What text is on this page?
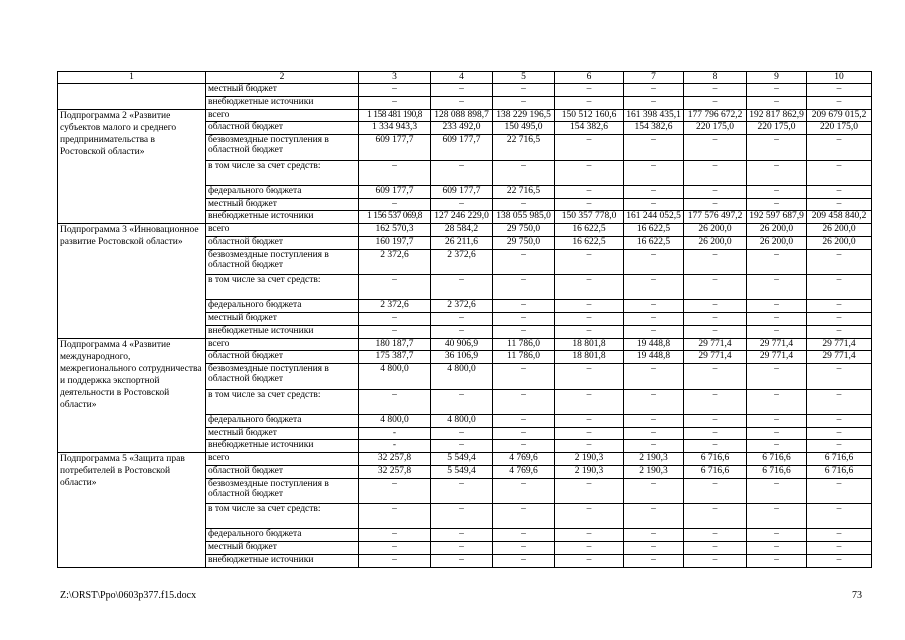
1	2	3	4	5	6	7	8	9	10
	местный бюджет	–	–	–	–	–	–	–	–
	внебюджетные источники	–	–	–	–	–	–	–	–
Подпрограмма 2 «Развитие субъектов малого и среднего предпринимательства в Ростовской области»	всего	1 158 481 190,8	128 088 898,7	138 229 196,5	150 512 160,6	161 398 435,1	177 796 672,2	192 817 862,9	209 679 015,2
	областной бюджет	1 334 943,3	233 492,0	150 495,0	154 382,6	154 382,6	220 175,0	220 175,0	220 175,0
	безвозмездные поступления в областной бюджет	609 177,7	609 177,7	22 716,5	–	–	–	–	–
	в том числе за счет средств:	–	–	–	–	–	–	–	–
	федерального бюджета	609 177,7	609 177,7	22 716,5	–	–	–	–	–
	местный бюджет	–	–	–	–	–	–	–	–
	внебюджетные источники	1 156 537 069,8	127 246 229,0	138 055 985,0	150 357 778,0	161 244 052,5	177 576 497,2	192 597 687,9	209 458 840,2
Подпрограмма 3 «Инновационное развитие Ростовской области»	всего	162 570,3	28 584,2	29 750,0	16 622,5	16 622,5	26 200,0	26 200,0	26 200,0
	областной бюджет	160 197,7	26 211,6	29 750,0	16 622,5	16 622,5	26 200,0	26 200,0	26 200,0
	безвозмездные поступления в областной бюджет	2 372,6	2 372,6	–	–	–	–	–	–
	в том числе за счет средств:	–	–	–	–	–	–	–	–
	федерального бюджета	2 372,6	2 372,6	–	–	–	–	–	–
	местный бюджет	–	–	–	–	–	–	–	–
	внебюджетные источники	–	–	–	–	–	–	–	–
Подпрограмма 4 «Развитие международного, межрегионального сотрудничества и поддержка экспортной деятельности в Ростовской области»	всего	180 187,7	40 906,9	11 786,0	18 801,8	19 448,8	29 771,4	29 771,4	29 771,4
	областной бюджет	175 387,7	36 106,9	11 786,0	18 801,8	19 448,8	29 771,4	29 771,4	29 771,4
	безвозмездные поступления в областной бюджет	4 800,0	4 800,0	–	–	–	–	–	–
	в том числе за счет средств:	–	–	–	–	–	–	–	–
	федерального бюджета	4 800,0	4 800,0	–	–	–	–	–	–
	местный бюджет	-	–	–	–	–	–	–	–
	внебюджетные источники	-	–	–	–	–	–	–	–
Подпрограмма 5 «Защита прав потребителей в Ростовской области»	всего	32 257,8	5 549,4	4 769,6	2 190,3	2 190,3	6 716,6	6 716,6	6 716,6
	областной бюджет	32 257,8	5 549,4	4 769,6	2 190,3	2 190,3	6 716,6	6 716,6	6 716,6
	безвозмездные поступления в областной бюджет	–	–	–	–	–	–	–	–
	в том числе за счет средств:	–	–	–	–	–	–	–	–
	федерального бюджета	–	–	–	–	–	–	–	–
	местный бюджет	–	–	–	–	–	–	–	–
	внебюджетные источники	–	–	–	–	–	–	–	–
Z:\ORST\Ppo\0603p377.f15.docx	73
